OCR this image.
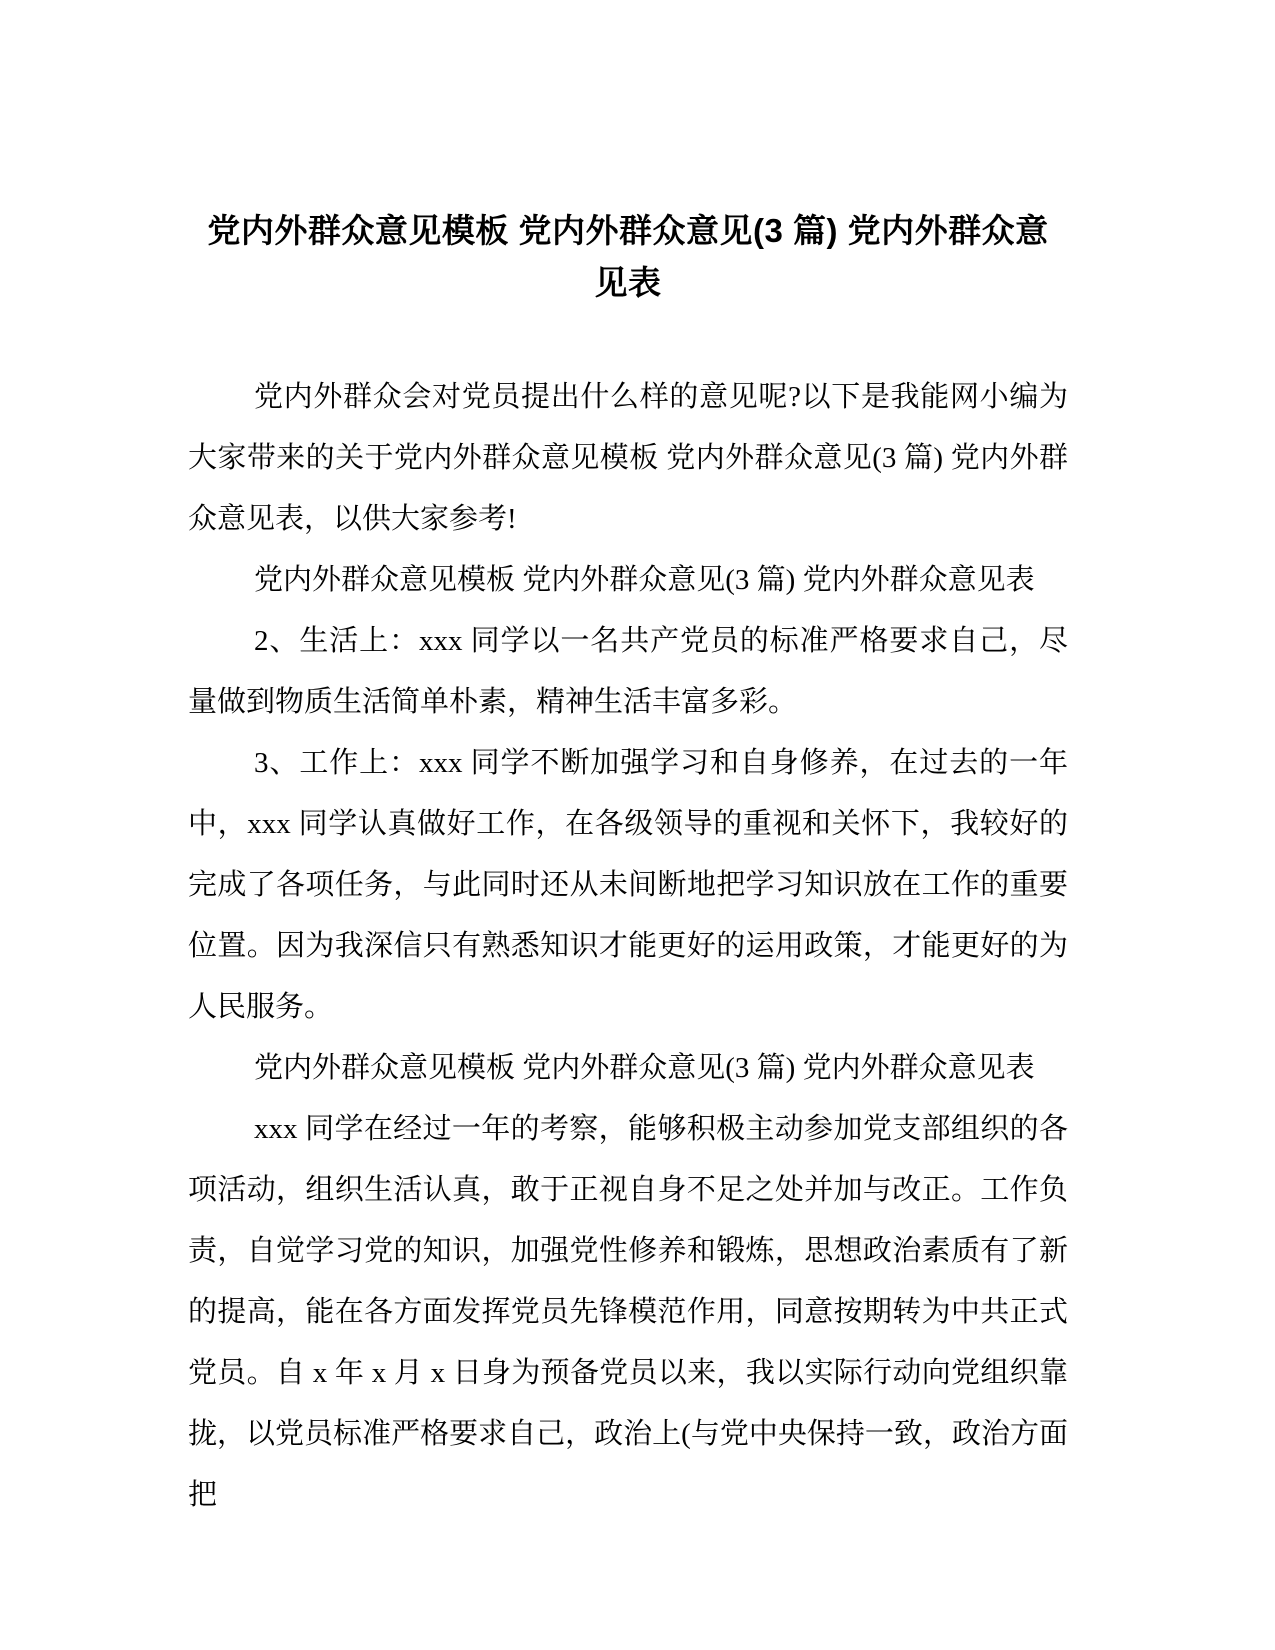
党内外群众意见模板 党内外群众意见(3 篇) 党内外群众意见表

党内外群众会对党员提出什么样的意见呢?以下是我能网小编为大家带来的关于党内外群众意见模板 党内外群众意见(3 篇) 党内外群众意见表，以供大家参考!

党内外群众意见模板 党内外群众意见(3 篇) 党内外群众意见表

2、生活上：xxx 同学以一名共产党员的标准严格要求自己，尽量做到物质生活简单朴素，精神生活丰富多彩。

3、工作上：xxx 同学不断加强学习和自身修养，在过去的一年中，xxx 同学认真做好工作，在各级领导的重视和关怀下，我较好的完成了各项任务，与此同时还从未间断地把学习知识放在工作的重要位置。因为我深信只有熟悉知识才能更好的运用政策，才能更好的为人民服务。

党内外群众意见模板 党内外群众意见(3 篇) 党内外群众意见表

xxx 同学在经过一年的考察，能够积极主动参加党支部组织的各项活动，组织生活认真，敢于正视自身不足之处并加与改正。工作负责，自觉学习党的知识，加强党性修养和锻炼，思想政治素质有了新的提高，能在各方面发挥党员先锋模范作用，同意按期转为中共正式党员。自 x 年 x 月 x 日身为预备党员以来，我以实际行动向党组织靠拢，以党员标准严格要求自己，政治上(与党中央保持一致，政治方面把
